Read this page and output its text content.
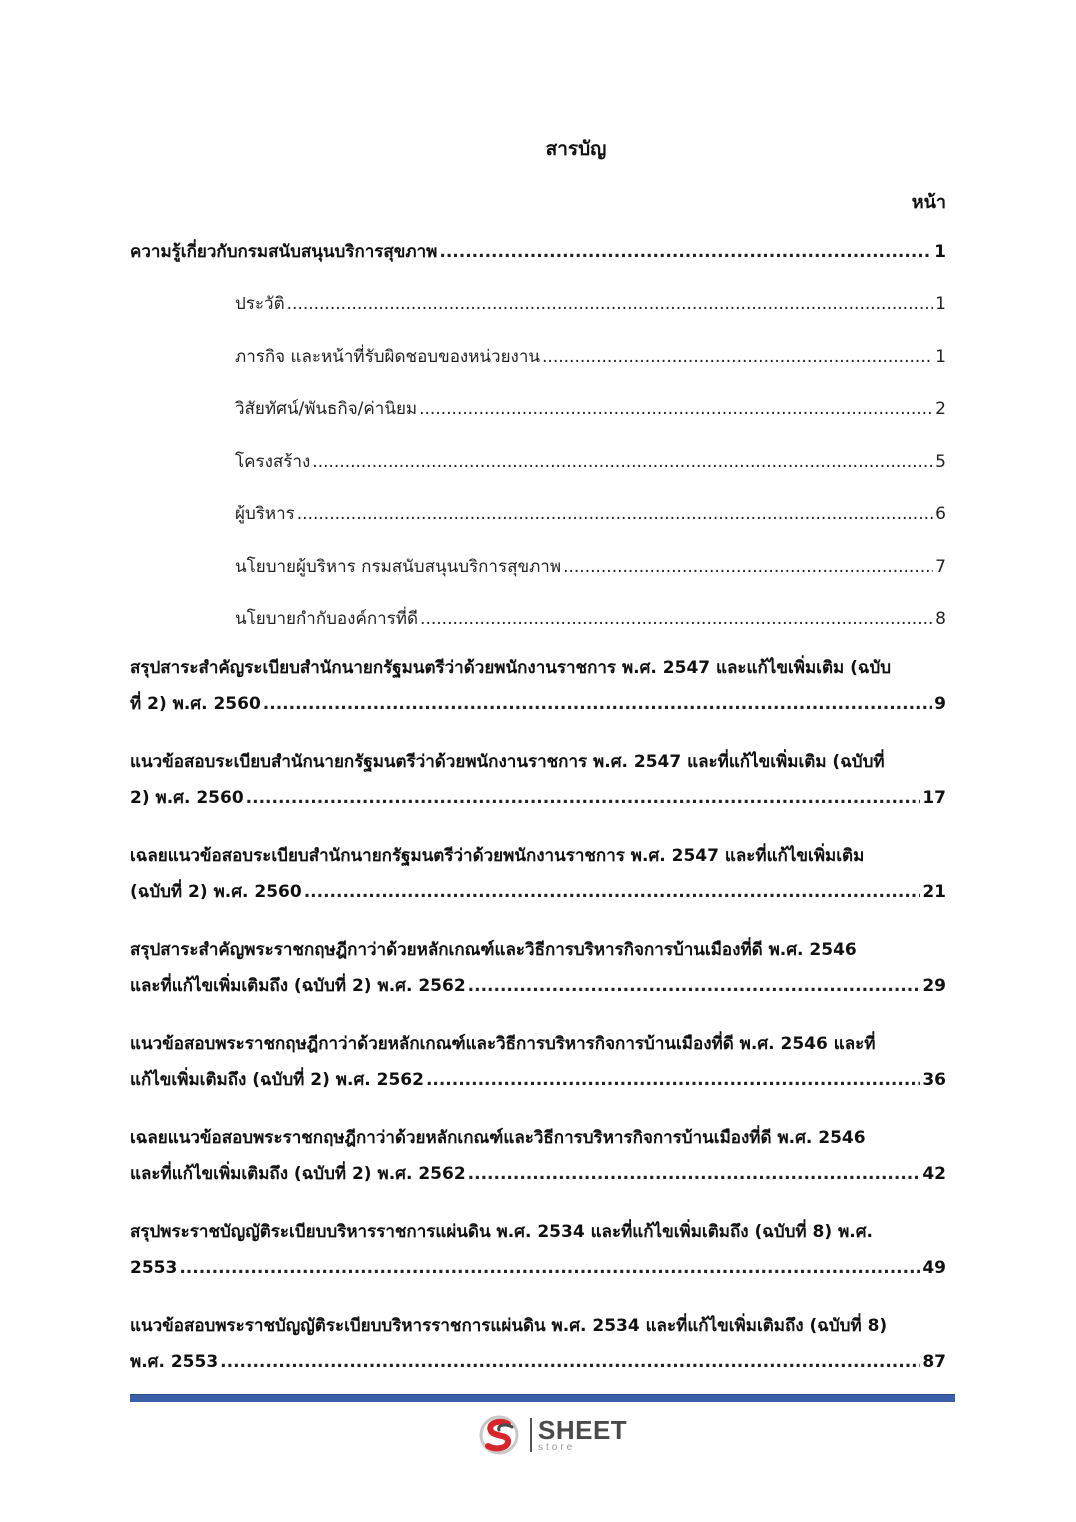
สารบัญ
หน้า
ความรู้เกี่ยวกับกรมสนับสนุนบริการสุขภาพ .....	1
ประวัติ .....	1
ภารกิจ และหน้าที่รับผิดชอบของหน่วยงาน .....	1
วิสัยทัศน์/พันธกิจ/ค่านิยม .....	2
โครงสร้าง .....	5
ผู้บริหาร .....	6
นโยบายผู้บริหาร กรมสนับสนุนบริการสุขภาพ .....	7
นโยบายกำกับองค์การที่ดี .....	8
สรุปสาระสำคัญระเบียบสำนักนายกรัฐมนตรีว่าด้วยพนักงานราชการ พ.ศ. 2547 และแก้ไขเพิ่มเติม (ฉบับ
ที่ 2) พ.ศ. 2560 .....	9
แนวข้อสอบระเบียบสำนักนายกรัฐมนตรีว่าด้วยพนักงานราชการ พ.ศ. 2547 และที่แก้ไขเพิ่มเติม (ฉบับที่
2) พ.ศ. 2560 .....	17
เฉลยแนวข้อสอบระเบียบสำนักนายกรัฐมนตรีว่าด้วยพนักงานราชการ พ.ศ. 2547 และที่แก้ไขเพิ่มเติม
(ฉบับที่ 2) พ.ศ. 2560 .....	21
สรุปสาระสำคัญพระราชกฤษฎีกาว่าด้วยหลักเกณฑ์และวิธีการบริหารกิจการบ้านเมืองที่ดี พ.ศ. 2546
และที่แก้ไขเพิ่มเติมถึง (ฉบับที่ 2) พ.ศ. 2562 .....	29
แนวข้อสอบพระราชกฤษฎีกาว่าด้วยหลักเกณฑ์และวิธีการบริหารกิจการบ้านเมืองที่ดี พ.ศ. 2546 และที่
แก้ไขเพิ่มเติมถึง (ฉบับที่ 2) พ.ศ. 2562 .....	36
เฉลยแนวข้อสอบพระราชกฤษฎีกาว่าด้วยหลักเกณฑ์และวิธีการบริหารกิจการบ้านเมืองที่ดี พ.ศ. 2546
และที่แก้ไขเพิ่มเติมถึง (ฉบับที่ 2) พ.ศ. 2562 .....	42
สรุปพระราชบัญญัติระเบียบบริหารราชการแผ่นดิน พ.ศ. 2534 และที่แก้ไขเพิ่มเติมถึง (ฉบับที่ 8) พ.ศ.
2553 .....	49
แนวข้อสอบพระราชบัญญัติระเบียบบริหารราชการแผ่นดิน พ.ศ. 2534 และที่แก้ไขเพิ่มเติมถึง (ฉบับที่ 8)
พ.ศ. 2553 .....	87
SHEET
store
